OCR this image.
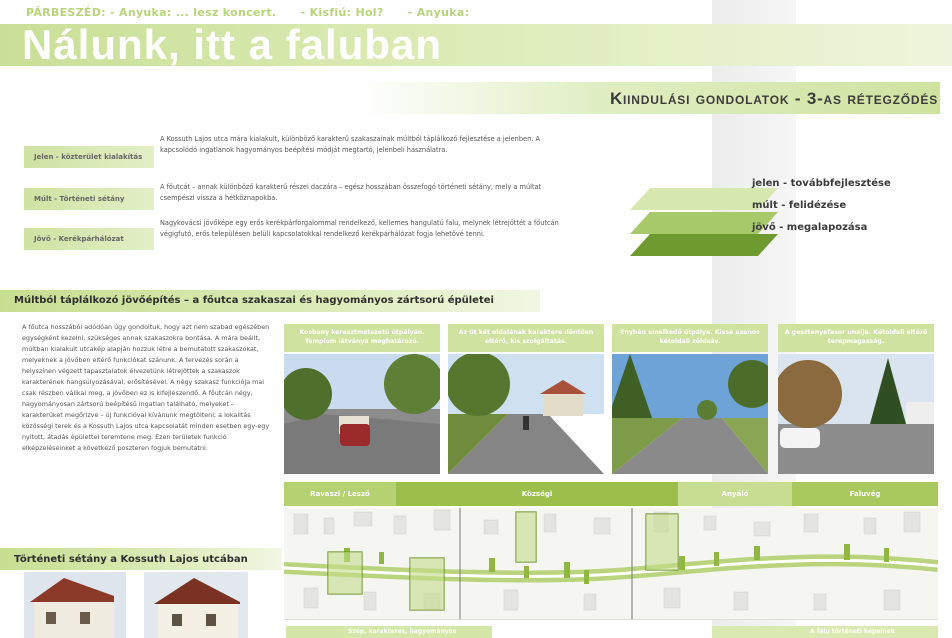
PÁRBESZÉD: - Anyuka: ... lesz koncert. - Kisfiú: Hol? - Anyuka:
Nálunk, itt a faluban
Kiindulási gondolatok - 3-as rétegződés
Jelen - közterület kialakítás
A Kossuth Lajos utca mára kialakult, különböző karakterű szakaszainak múltból táplálkozó fejlesztése a jelenben. A kapcsolódó ingatlanok hagyományos beépítési módját megtartó, jelenbeli használatra.
Múlt - Történeti sétány
A főutcát – annak különböző karakterű részei daczára – egész hosszában összefogó történeti sétány, mely a múltat csempészi vissza a hétköznapokba.
Jövő - Kerékpárhálózat
Nagykovácsi jövőképe egy erős kerékpárforgalommal rendelkező, kellemes hangulatú falu, melynek létrejöttét a főutcán végigfutó, erős településen belüli kapcsolatokkal rendelkező kerékpárhálózat fogja lehetővé tenni.
jelen - továbbfejlesztése
múlt - felidézése
jövő - megalapozása
Múltból táplálkozó jövőépítés – a főutca szakaszai és hagyományos zártsorú épületei
A főutca hosszából adódóan úgy gondoltuk, hogy azt nem szabad egészében egységként kezelni, szükséges annak szakaszokra bontása. A mára beállt, múltban kialakult utcakép alapján hozzuk létre a bemutatott szakaszokat, melyeknek a jövőben eltérő funkciókat szánunk. A tervezés során a helyszínen végzett tapasztalatok élvezetünk létrejöttek a szakaszok karakterének hangsúlyozásával, erősítésével. A négy szakasz funkciója mai csak részben válikai meg, a jövőben ez is kifejleszendő. A főutcán négy, hagyományosan zártsorú beépítésű ingatlan található, melyeket – karakterüket megőrizve – új funkcióval kívánunk megtölteni; a lokalitás közösségi terek és a Kossuth Lajos utca kapcsolatát minden esetben egy-egy nyitott, átadás épülettel teremtene meg. Ezen területek funkció elképzeléseinket a következő poszteren fogjuk bemutatni.
Kosbany keresztmetszetű útpályán. Templom látványa meghatározó.
Az út két oldalának karaktere döntően eltérő, kis szolgáltatás.
Enyhén emelkedő útpálya. Kissé azonos kétoldali zöldsáv.
A gesztenyefasor unalja. Kétoldali eltérő terepmagasság.
Ravaszi / Lesző	Községi	Ányáló	Faluvég
Történeti sétány a Kossuth Lajos utcában
Szép, karakteres, hagyományos	A falu történeti képeinek
